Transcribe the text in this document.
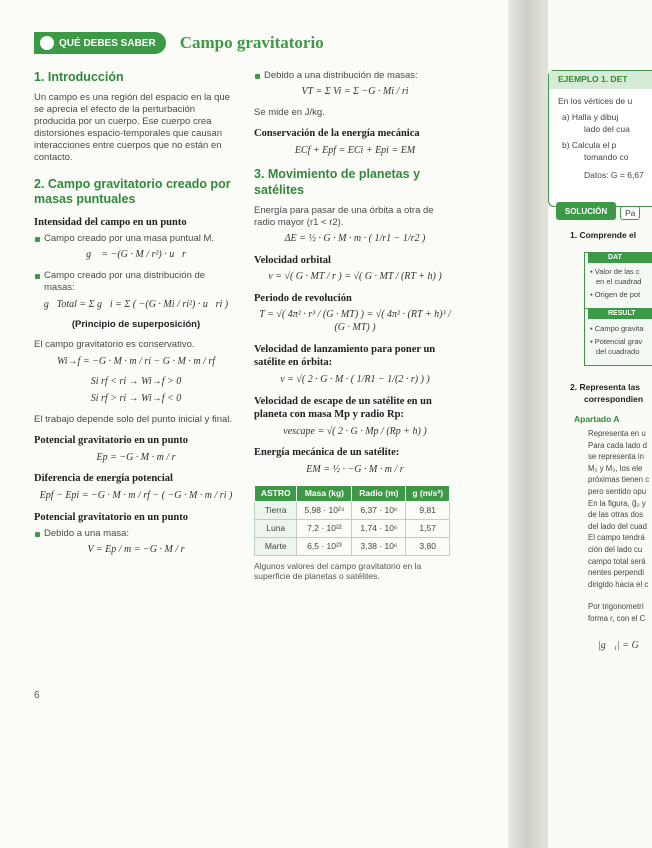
QUÉ DEBES SABER Campo gravitatorio
1. Introducción

Un campo es una región del espacio en la que se aprecia el efecto de la perturbación producida por un cuerpo. Ese cuerpo crea distorsiones espacio-temporales que causan interacciones entre cuerpos que no están en contacto.

2. Campo gravitatorio creado por masas puntuales
Intensidad del campo en un punto
Campo creado por una masa puntual M.
g⃗ = −(G · M / r²) · u⃗r
Campo creado por una distribución de masas:
g⃗Total = Σ g⃗i = Σ ( −(G · Mi / ri²) · u⃗ri )
(Principio de superposición)

El campo gravitatorio es conservativo.

Wi→f = −G · M · m / ri − G · M · m / rf
Si rf < ri → Wi→f > 0
Si rf > ri → Wi→f < 0

El trabajo depende solo del punto inicial y final.

Potencial gravitatorio en un punto
Ep = −G · M · m / r
Diferencia de energía potencial
Epf − Epi = −G · M · m / rf − ( −G · M · m / ri )
Potencial gravitatorio en un punto
Debido a una masa:
V = Ep / m = −G · M / r
Debido a una distribución de masas:
VT = Σ Vi = Σ −G · Mi / ri

Se mide en J/kg.

Conservación de la energía mecánica
ECf + Epf = ECi + Epi = EM
3. Movimiento de planetas y satélites

Energía para pasar de una órbita a otra de radio mayor (r1 < r2).

ΔE = ½ · G · M · m · ( 1/r1 − 1/r2 )
Velocidad orbital
v = √( G · MT / r ) = √( G · MT / (RT + h) )
Periodo de revolución
T = √( 4π² · r³ / (G · MT) ) = √( 4π² · (RT + h)³ / (G · MT) )
Velocidad de lanzamiento para poner un satélite en órbita:
v = √( 2 · G · M · ( 1/R1 − 1/(2 · r) ) )
Velocidad de escape de un satélite en un planeta con masa Mp y radio Rp:
vescape = √( 2 · G · Mp / (Rp + h) )
Energía mecánica de un satélite:
EM = ½ · −G · M · m / r
ASTRO	Masa (kg)	Radio (m)	g (m/s²)
Tierra	5,98 · 10²⁴	6,37 · 10⁶	9,81
Luna	7,2 · 10²²	1,74 · 10⁶	1,57
Marte	6,5 · 10²³	3,38 · 10⁶	3,80
Algunos valores del campo gravitatorio en la superficie de planetas o satélites.
6
EJEMPLO 1. DET
En los vértices de u
a) Halla y dibuj
lado del cua
b) Calcula el p
tomando co
Datos: G = 6,67
SOLUCIÓN	Pa
1. Comprende el
DAT
▪ Valor de las c
en el cuadrad
▪ Origen de pot
RESULT
▪ Campo gravita
▪ Potencial grav
del cuadrado
2. Representa las
correspondien
Apartado A
Representa en u
Para cada lado d
se representa in
M₂ y M₃, los ele
próximas tienen c
pero sentido opu
En la figura, g⃗₂ y
de las otras dos
del lado del cuad
El campo tendrá
ción del lado cu
campo total será
nentes perpendi
dirigido hacia el c
Por trigonometrí
forma r, con el C
|g⃗₁| = G
